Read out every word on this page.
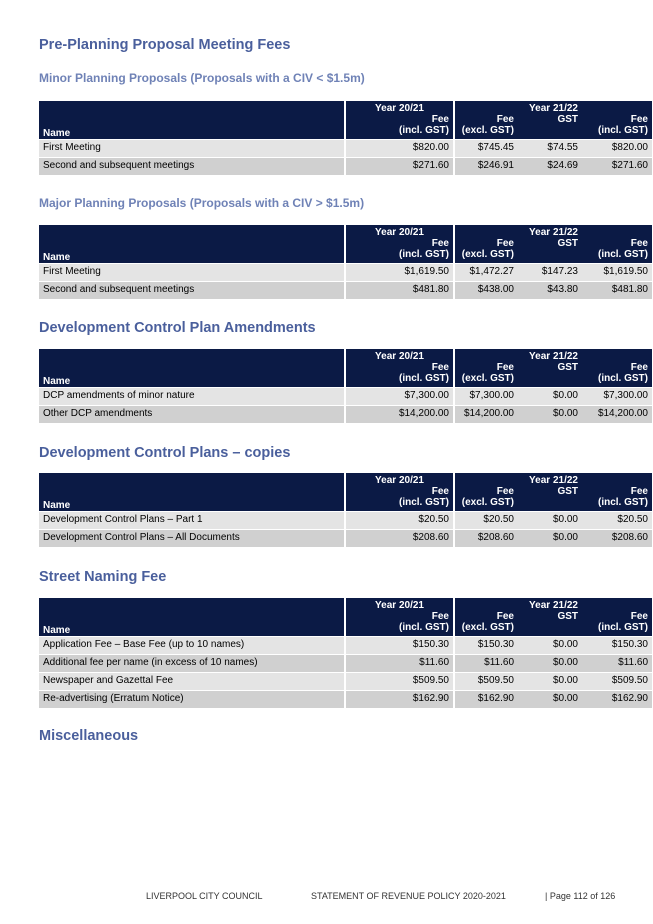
Pre-Planning Proposal Meeting Fees
Minor Planning Proposals (Proposals with a CIV < $1.5m)
Name	Year 20/21	Year 21/22		
	Fee	Fee	GST	Fee
	(incl. GST)	(excl. GST)		(incl. GST)
First Meeting	$820.00	$745.45	$74.55	$820.00
Second and subsequent meetings	$271.60	$246.91	$24.69	$271.60
Major Planning Proposals (Proposals with a CIV > $1.5m)
Name	Year 20/21	Year 21/22		
	Fee	Fee	GST	Fee
	(incl. GST)	(excl. GST)		(incl. GST)
First Meeting	$1,619.50	$1,472.27	$147.23	$1,619.50
Second and subsequent meetings	$481.80	$438.00	$43.80	$481.80
Development Control Plan Amendments
Name	Year 20/21	Year 21/22		
	Fee	Fee	GST	Fee
	(incl. GST)	(excl. GST)		(incl. GST)
DCP amendments of minor nature	$7,300.00	$7,300.00	$0.00	$7,300.00
Other DCP amendments	$14,200.00	$14,200.00	$0.00	$14,200.00
Development Control Plans – copies
Name	Year 20/21	Year 21/22		
	Fee	Fee	GST	Fee
	(incl. GST)	(excl. GST)		(incl. GST)
Development Control Plans – Part 1	$20.50	$20.50	$0.00	$20.50
Development Control Plans – All Documents	$208.60	$208.60	$0.00	$208.60
Street Naming Fee
Name	Year 20/21	Year 21/22		
	Fee	Fee	GST	Fee
	(incl. GST)	(excl. GST)		(incl. GST)
Application Fee – Base Fee (up to 10 names)	$150.30	$150.30	$0.00	$150.30
Additional fee per name (in excess of 10 names)	$11.60	$11.60	$0.00	$11.60
Newspaper and Gazettal Fee	$509.50	$509.50	$0.00	$509.50
Re-advertising (Erratum Notice)	$162.90	$162.90	$0.00	$162.90
Miscellaneous
LIVERPOOL CITY COUNCIL	STATEMENT OF REVENUE POLICY 2020-2021	| Page 112 of 126
